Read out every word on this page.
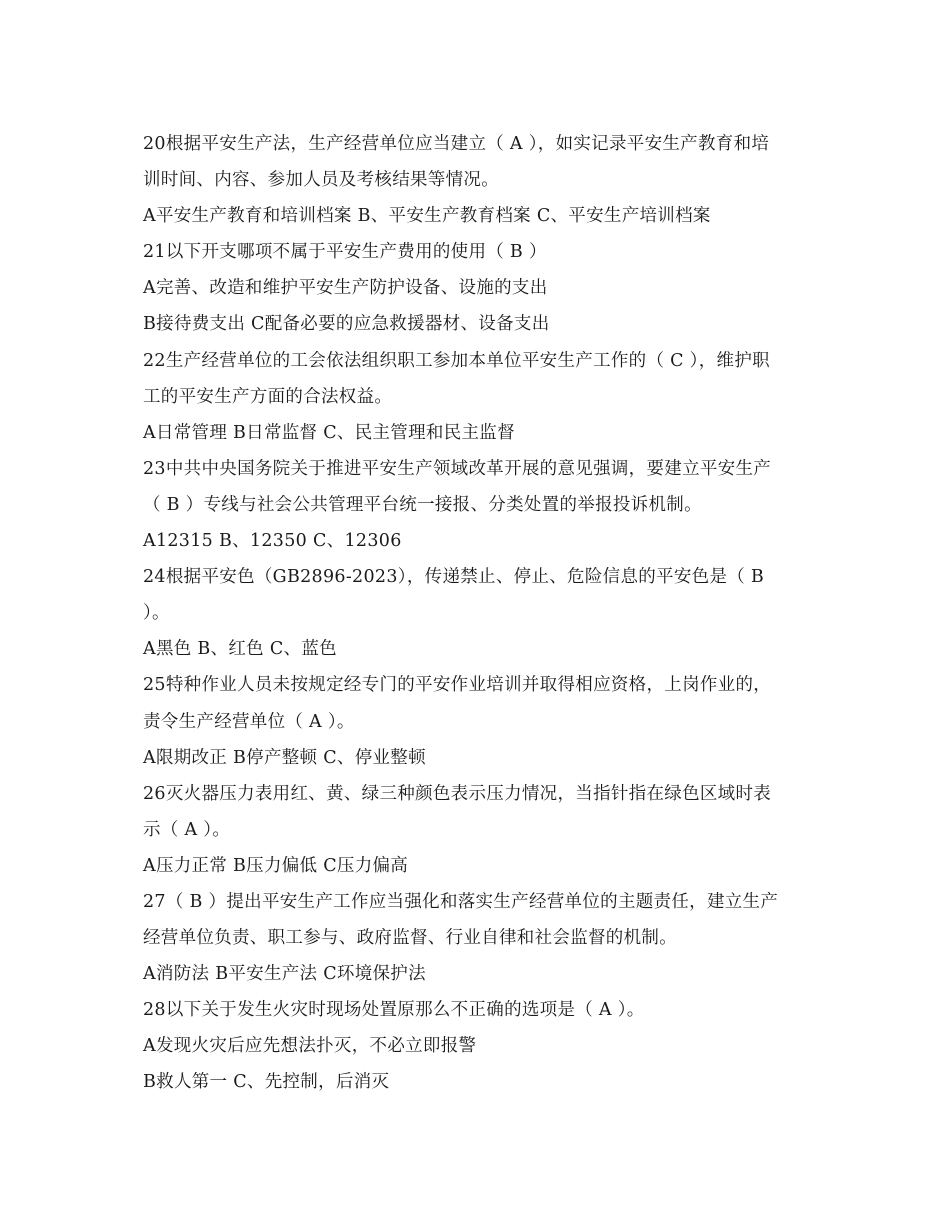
20根据平安生产法，生产经营单位应当建立（ A ），如实记录平安生产教育和培
训时间、内容、参加人员及考核结果等情况。
A平安生产教育和培训档案 B、平安生产教育档案 C、平安生产培训档案
21以下开支哪项不属于平安生产费用的使用（ B ）
A完善、改造和维护平安生产防护设备、设施的支出
B接待费支出 C配备必要的应急救援器材、设备支出
22生产经营单位的工会依法组织职工参加本单位平安生产工作的（ C ），维护职
工的平安生产方面的合法权益。
A日常管理 B日常监督 C、民主管理和民主监督
23中共中央国务院关于推进平安生产领域改革开展的意见强调，要建立平安生产
（ B ）专线与社会公共管理平台统一接报、分类处置的举报投诉机制。
A12315 B、12350 C、12306
24根据平安色（GB2896-2023），传递禁止、停止、危险信息的平安色是（ B
）。
A黑色 B、红色 C、蓝色
25特种作业人员未按规定经专门的平安作业培训并取得相应资格，上岗作业的，
责令生产经营单位（ A ）。
A限期改正 B停产整顿 C、停业整顿
26灭火器压力表用红、黄、绿三种颜色表示压力情况，当指针指在绿色区域时表
示（ A ）。
A压力正常 B压力偏低 C压力偏高
27（ B ）提出平安生产工作应当强化和落实生产经营单位的主题责任，建立生产
经营单位负责、职工参与、政府监督、行业自律和社会监督的机制。
A消防法 B平安生产法 C环境保护法
28以下关于发生火灾时现场处置原那么不正确的选项是（ A ）。
A发现火灾后应先想法扑灭，不必立即报警
B救人第一 C、先控制，后消灭
